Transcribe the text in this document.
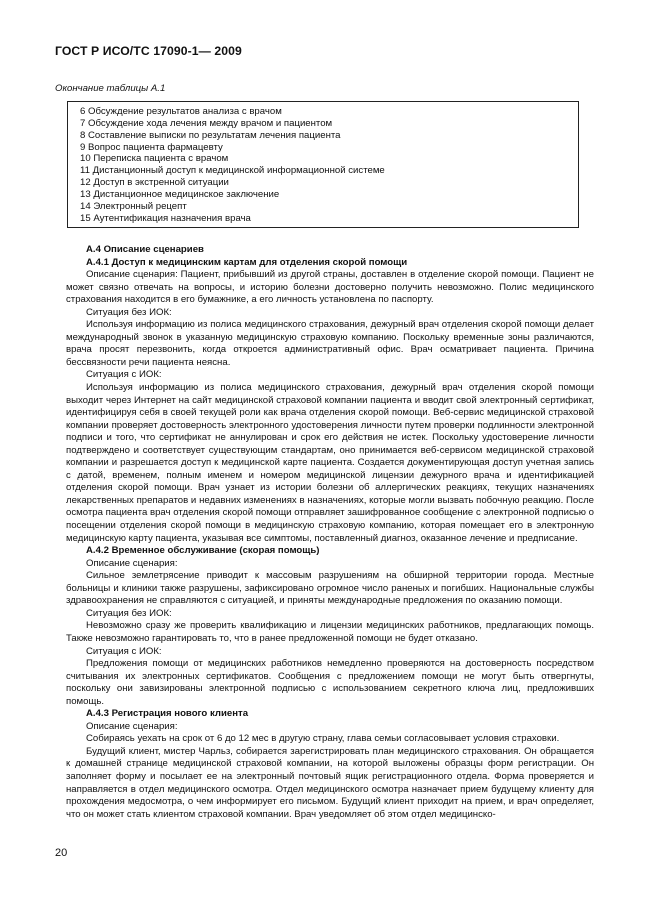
ГОСТ Р ИСО/ТС 17090-1— 2009
Окончание таблицы А.1
6 Обсуждение результатов анализа с врачом
7 Обсуждение хода лечения между врачом и пациентом
8 Составление выписки по результатам лечения пациента
9 Вопрос пациента фармацевту
10 Переписка пациента с врачом
11 Дистанционный доступ к медицинской информационной системе
12 Доступ в экстренной ситуации
13 Дистанционное медицинское заключение
14 Электронный рецепт
15 Аутентификация назначения врача

А.4 Описание сценариев

А.4.1 Доступ к медицинским картам для отделения скорой помощи

Описание сценария: Пациент, прибывший из другой страны, доставлен в отделение скорой помощи. Пациент не может связно отвечать на вопросы, и историю болезни достоверно получить невозможно. Полис медицинского страхования находится в его бумажнике, а его личность установлена по паспорту.

Ситуация без ИОК:

Используя информацию из полиса медицинского страхования, дежурный врач отделения скорой помощи делает международный звонок в указанную медицинскую страховую компанию. Поскольку временные зоны различаются, врача просят перезвонить, когда откроется административный офис. Врач осматривает пациента. Причина бессвязности речи пациента неясна.

Ситуация с ИОК:

Используя информацию из полиса медицинского страхования, дежурный врач отделения скорой помощи выходит через Интернет на сайт медицинской страховой компании пациента и вводит свой электронный сертификат, идентифицируя себя в своей текущей роли как врача отделения скорой помощи. Веб-сервис медицинской страховой компании проверяет достоверность электронного удостоверения личности путем проверки подлинности электронной подписи и того, что сертификат не аннулирован и срок его действия не истек. Поскольку удостоверение личности подтверждено и соответствует существующим стандартам, оно принимается веб-сервисом медицинской страховой компании и разрешается доступ к медицинской карте пациента. Создается документирующая доступ учетная запись с датой, временем, полным именем и номером медицинской лицензии дежурного врача и идентификацией отделения скорой помощи. Врач узнает из истории болезни об аллергических реакциях, текущих назначениях лекарственных препаратов и недавних изменениях в назначениях, которые могли вызвать побочную реакцию. После осмотра пациента врач отделения скорой помощи отправляет зашифрованное сообщение с электронной подписью о посещении отделения скорой помощи в медицинскую страховую компанию, которая помещает его в электронную медицинскую карту пациента, указывая все симптомы, поставленный диагноз, оказанное лечение и предписание.

А.4.2 Временное обслуживание (скорая помощь)

Описание сценария:

Сильное землетрясение приводит к массовым разрушениям на обширной территории города. Местные больницы и клиники также разрушены, зафиксировано огромное число раненых и погибших. Национальные службы здравоохранения не справляются с ситуацией, и приняты международные предложения по оказанию помощи.

Ситуация без ИОК:

Невозможно сразу же проверить квалификацию и лицензии медицинских работников, предлагающих помощь. Также невозможно гарантировать то, что в ранее предложенной помощи не будет отказано.

Ситуация с ИОК:

Предложения помощи от медицинских работников немедленно проверяются на достоверность посредством считывания их электронных сертификатов. Сообщения с предложением помощи не могут быть отвергнуты, поскольку они завизированы электронной подписью с использованием секретного ключа лиц, предложивших помощь.

А.4.3 Регистрация нового клиента

Описание сценария:

Собираясь уехать на срок от 6 до 12 мес в другую страну, глава семьи согласовывает условия страховки.

Будущий клиент, мистер Чарльз, собирается зарегистрировать план медицинского страхования. Он обращается к домашней странице медицинской страховой компании, на которой выложены образцы форм регистрации. Он заполняет форму и посылает ее на электронный почтовый ящик регистрационного отдела. Форма проверяется и направляется в отдел медицинского осмотра. Отдел медицинского осмотра назначает прием будущему клиенту для прохождения медосмотра, о чем информирует его письмом. Будущий клиент приходит на прием, и врач определяет, что он может стать клиентом страховой компании. Врач уведомляет об этом отдел медицинско-

20
